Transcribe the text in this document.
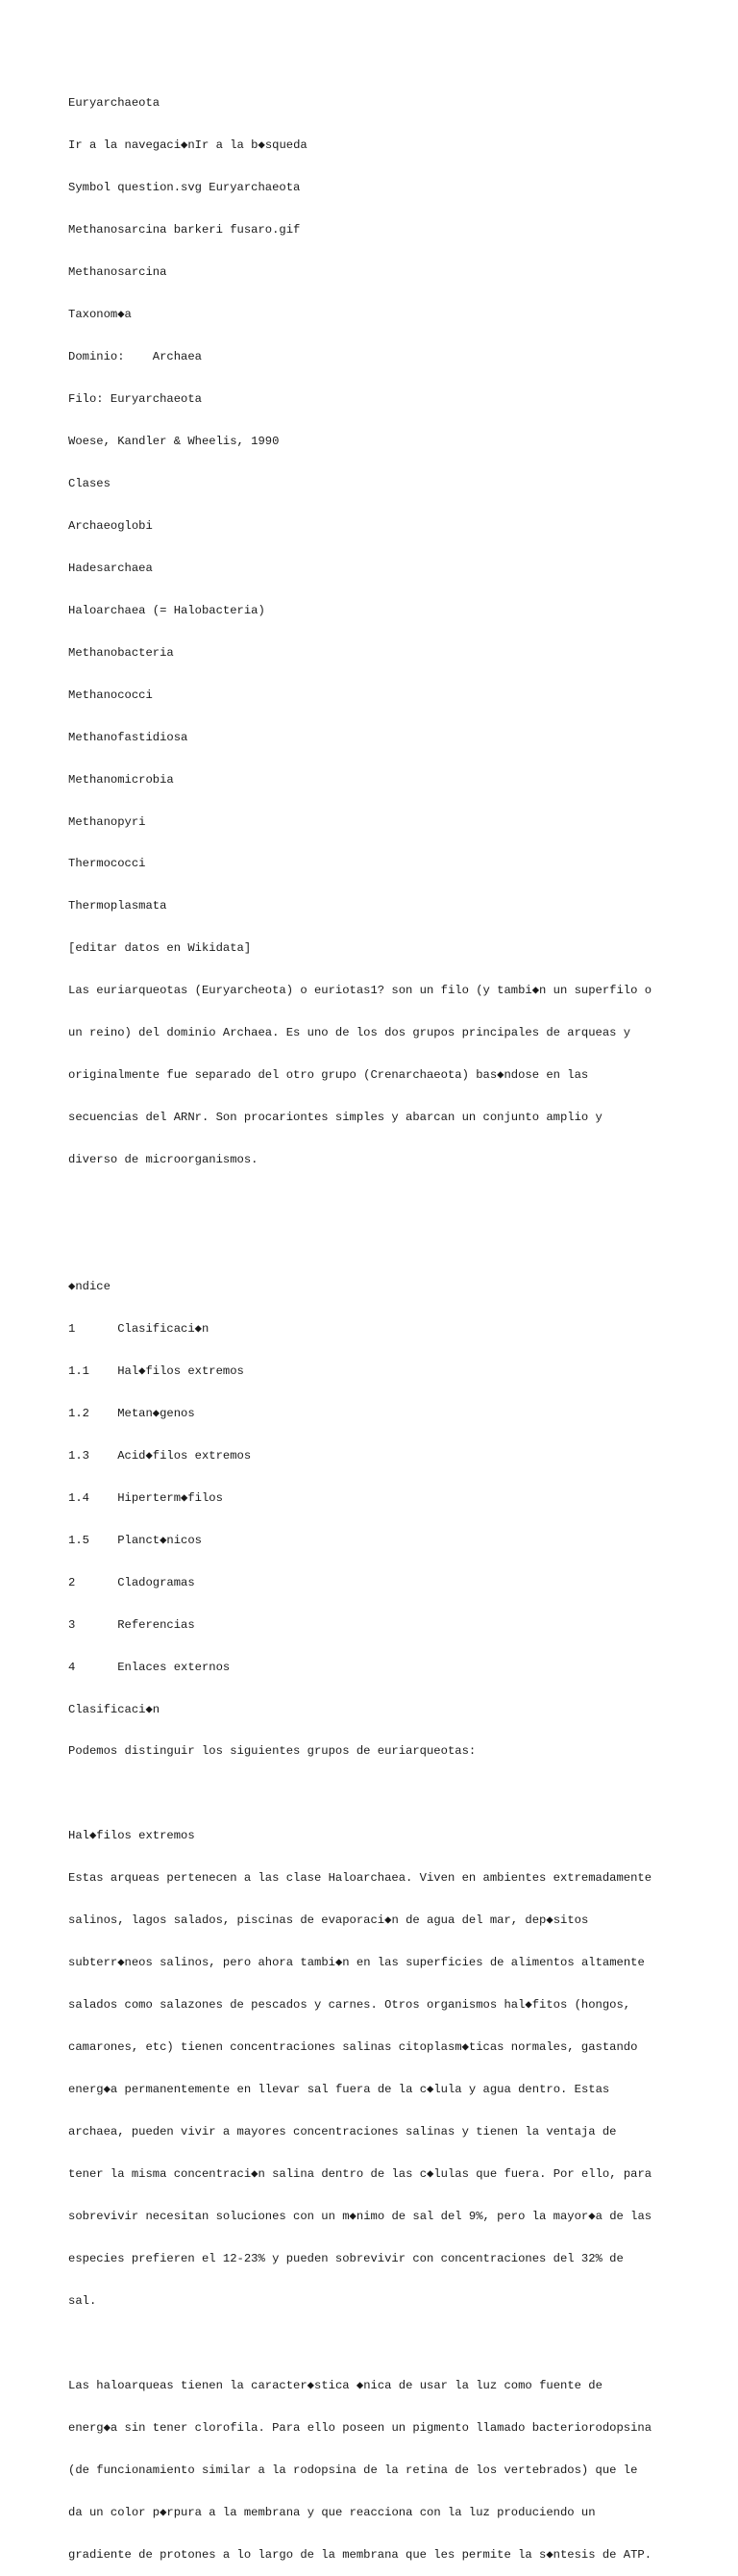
Euryarchaeota

Ir a la navegaci◆nIr a la b◆squeda

Symbol question.svg Euryarchaeota

Methanosarcina barkeri fusaro.gif

Methanosarcina

Taxonom◆a

Dominio:    Archaea

Filo: Euryarchaeota

Woese, Kandler & Wheelis, 1990

Clases

Archaeoglobi

Hadesarchaea

Haloarchaea (= Halobacteria)

Methanobacteria

Methanococci

Methanofastidiosa

Methanomicrobia

Methanopyri

Thermococci

Thermoplasmata

[editar datos en Wikidata]

Las euriarqueotas (Euryarcheota) o euriotas1? son un filo (y tambi◆n un superfilo o

un reino) del dominio Archaea. Es uno de los dos grupos principales de arqueas y

originalmente fue separado del otro grupo (Crenarchaeota) bas◆ndose en las

secuencias del ARNr. Son procariontes simples y abarcan un conjunto amplio y

diverso de microorganismos.

◆ndice

1      Clasificaci◆n

1.1    Hal◆filos extremos

1.2    Metan◆genos

1.3    Acid◆filos extremos

1.4    Hiperterm◆filos

1.5    Planct◆nicos

2      Cladogramas

3      Referencias

4      Enlaces externos

Clasificaci◆n

Podemos distinguir los siguientes grupos de euriarqueotas:

Hal◆filos extremos

Estas arqueas pertenecen a las clase Haloarchaea. Viven en ambientes extremadamente

salinos, lagos salados, piscinas de evaporaci◆n de agua del mar, dep◆sitos

subterr◆neos salinos, pero ahora tambi◆n en las superficies de alimentos altamente

salados como salazones de pescados y carnes. Otros organismos hal◆fitos (hongos,

camarones, etc) tienen concentraciones salinas citoplasm◆ticas normales, gastando

energ◆a permanentemente en llevar sal fuera de la c◆lula y agua dentro. Estas

archaea, pueden vivir a mayores concentraciones salinas y tienen la ventaja de

tener la misma concentraci◆n salina dentro de las c◆lulas que fuera. Por ello, para

sobrevivir necesitan soluciones con un m◆nimo de sal del 9%, pero la mayor◆a de las

especies prefieren el 12-23% y pueden sobrevivir con concentraciones del 32% de

sal.

Las haloarqueas tienen la caracter◆stica ◆nica de usar la luz como fuente de

energ◆a sin tener clorofila. Para ello poseen un pigmento llamado bacteriorodopsina

(de funcionamiento similar a la rodopsina de la retina de los vertebrados) que le

da un color p◆rpura a la membrana y que reacciona con la luz produciendo un

gradiente de protones a lo largo de la membrana que les permite la s◆ntesis de ATP.
